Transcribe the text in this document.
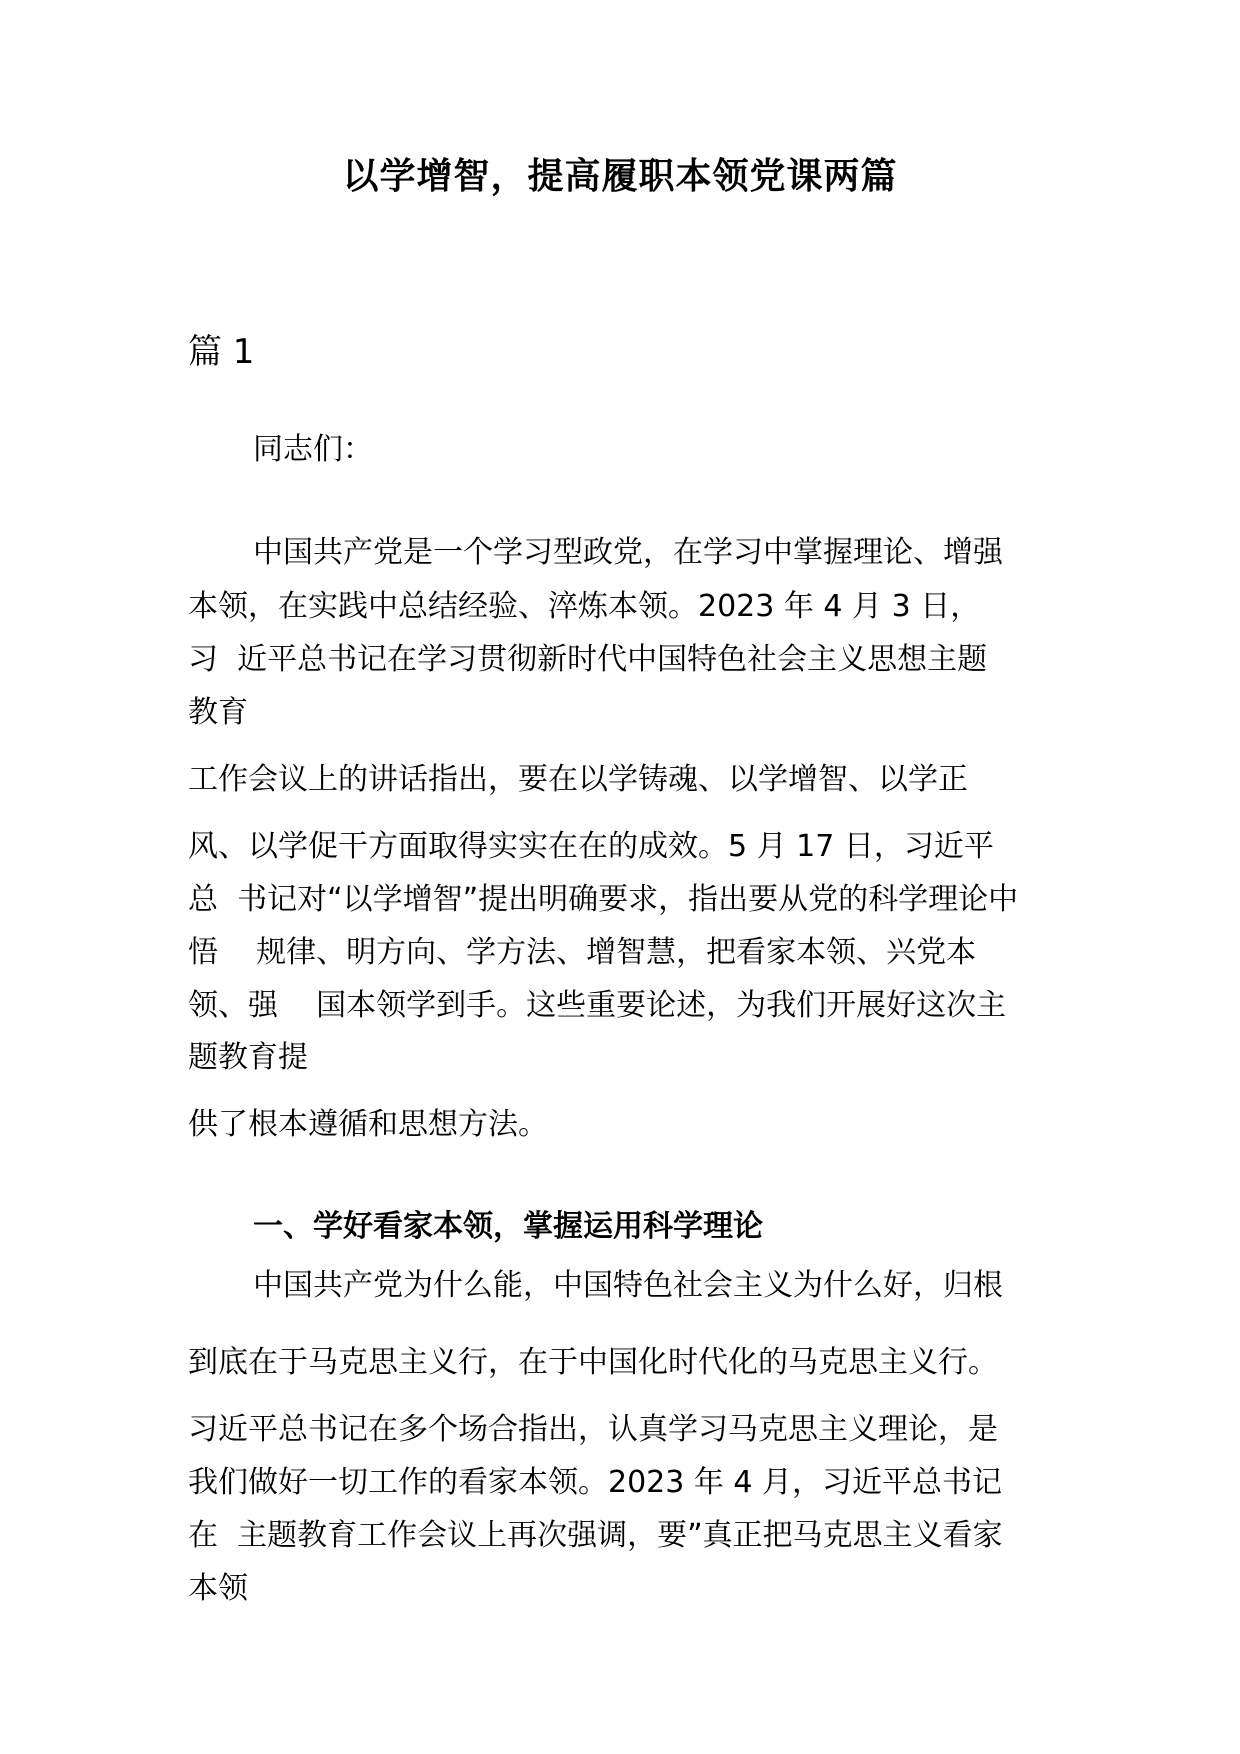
以学增智，提高履职本领党课两篇
篇 1
同志们：
中国共产党是一个学习型政党，在学习中掌握理论、增强
本领，在实践中总结经验、淬炼本领。2023 年 4 月 3 日，
习  近平总书记在学习贯彻新时代中国特色社会主义思想主题
教育
工作会议上的讲话指出，要在以学铸魂、以学增智、以学正
风、以学促干方面取得实实在在的成效。5 月 17 日，习近平
总  书记对“以学增智”提出明确要求，指出要从党的科学理论中
悟    规律、明方向、学方法、增智慧，把看家本领、兴党本
领、强    国本领学到手。这些重要论述，为我们开展好这次主
题教育提
供了根本遵循和思想方法。
一、学好看家本领，掌握运用科学理论
中国共产党为什么能，中国特色社会主义为什么好，归根
到底在于马克思主义行，在于中国化时代化的马克思主义行。
习近平总书记在多个场合指出，认真学习马克思主义理论，是
我们做好一切工作的看家本领。2023 年 4 月，习近平总书记
在  主题教育工作会议上再次强调，要”真正把马克思主义看家
本领
